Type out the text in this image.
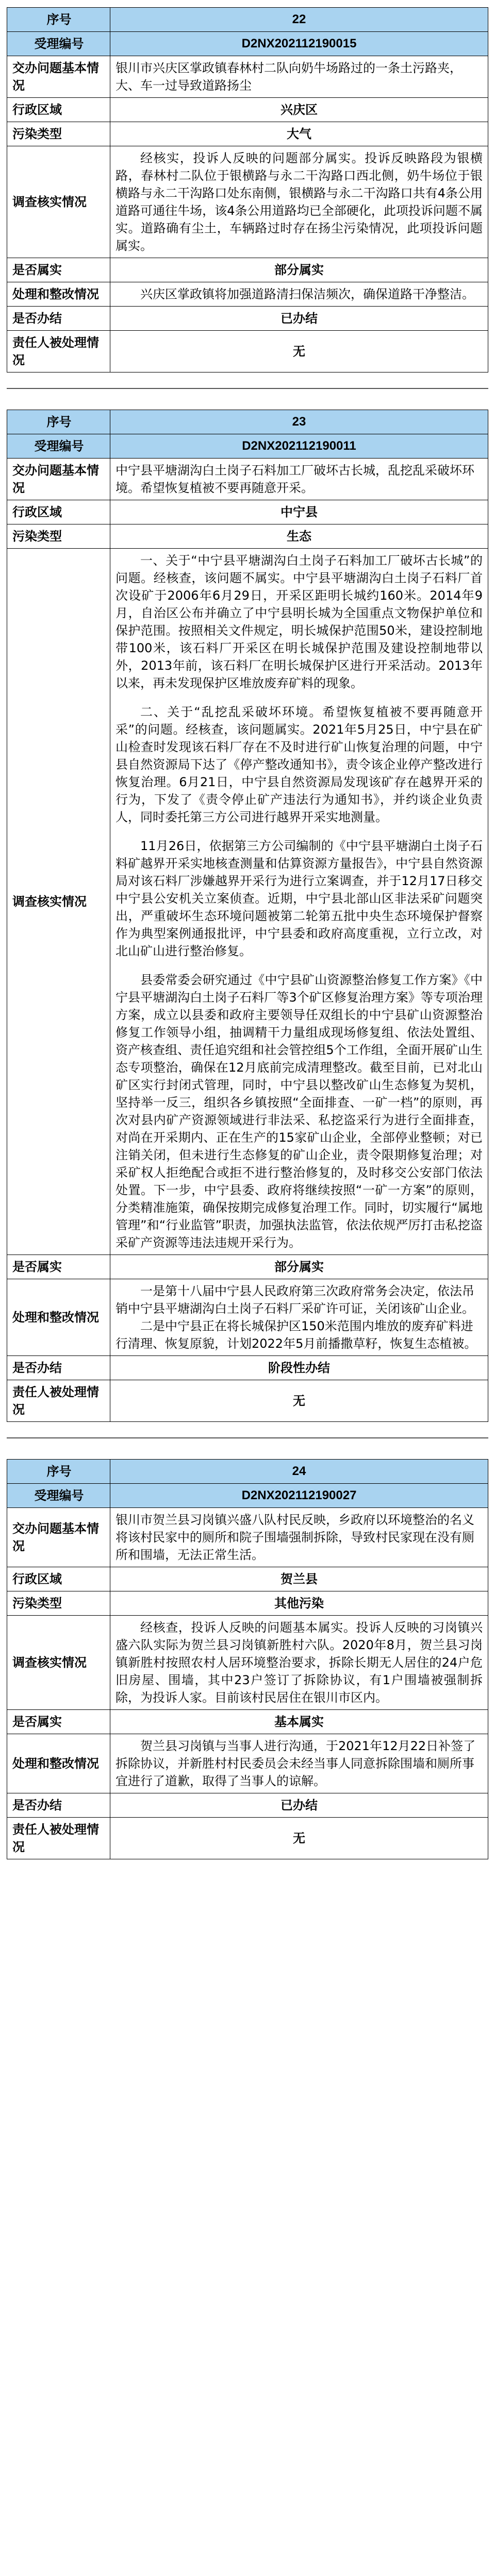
序号	22
受理编号	D2NX202112190015
交办问题基本情况	银川市兴庆区掌政镇春林村二队向奶牛场路过的一条土污路夹，大、车一过导致道路扬尘
行政区域	兴庆区
污染类型	大气
调查核实情况	经核实，投诉人反映的问题部分属实。投诉反映路段为银横路，春林村二队位于银横路与永二干沟路口西北侧，奶牛场位于银横路与永二干沟路口处东南侧，银横路与永二干沟路口共有4条公用道路可通往牛场，该4条公用道路均已全部硬化，此项投诉问题不属实。道路确有尘土，车辆路过时存在扬尘污染情况，此项投诉问题属实。

是否属实	部分属实
处理和整改情况	兴庆区掌政镇将加强道路清扫保洁频次，确保道路干净整洁。
是否办结	已办结
责任人被处理情况	无
序号	23
受理编号	D2NX202112190011
交办问题基本情况	中宁县平塘湖沟白土岗子石料加工厂破坏古长城，乱挖乱采破坏环境。希望恢复植被不要再随意开采。
行政区域	中宁县
污染类型	生态
调查核实情况	一、关于“中宁县平塘湖沟白土岗子石料加工厂破坏古长城”的问题。经核查，该问题不属实。中宁县平塘湖沟白土岗子石料厂首次设矿于2006年6月29日，开采区距明长城约160米。2014年9月，自治区公布并确立了中宁县明长城为全国重点文物保护单位和保护范围。按照相关文件规定，明长城保护范围50米，建设控制地带100米，该石料厂开采区在明长城保护范围及建设控制地带以外，2013年前，该石料厂在明长城保护区进行开采活动。2013年以来，再未发现保护区堆放废弃矿料的现象。
二、关于“乱挖乱采破坏环境。希望恢复植被不要再随意开采”的问题。经核查，该问题属实。2021年5月25日，中宁县在矿山检查时发现该石料厂存在不及时进行矿山恢复治理的问题，中宁县自然资源局下达了《停产整改通知书》，责令该企业停产整改进行恢复治理。6月21日，中宁县自然资源局发现该矿存在越界开采的行为，下发了《责令停止矿产违法行为通知书》，并约谈企业负责人，同时委托第三方公司进行越界开采实地测量。
11月26日，依据第三方公司编制的《中宁县平塘湖白土岗子石料矿越界开采实地核查测量和估算资源方量报告》，中宁县自然资源局对该石料厂涉嫌越界开采行为进行立案调查，并于12月17日移交中宁县公安机关立案侦查。近期，中宁县北部山区非法采矿问题突出，严重破坏生态环境问题被第二轮第五批中央生态环境保护督察作为典型案例通报批评，中宁县委和政府高度重视，立行立改，对北山矿山进行整治修复。
县委常委会研究通过《中宁县矿山资源整治修复工作方案》《中宁县平塘湖沟白土岗子石料厂等3个矿区修复治理方案》等专项治理方案，成立以县委和政府主要领导任双组长的中宁县矿山资源整治修复工作领导小组，抽调精干力量组成现场修复组、依法处置组、资产核查组、责任追究组和社会管控组5个工作组，全面开展矿山生态专项整治，确保在12月底前完成清理整改。截至目前，已对北山矿区实行封闭式管理，同时，中宁县以整改矿山生态修复为契机，坚持举一反三，组织各乡镇按照“全面排查、一矿一档”的原则，再次对县内矿产资源领域进行非法采、私挖盗采行为进行全面排查，对尚在开采期内、正在生产的15家矿山企业，全部停业整顿；对已注销关闭，但未进行生态修复的矿山企业，责令限期修复治理；对采矿权人拒绝配合或拒不进行整治修复的，及时移交公安部门依法处置。下一步，中宁县委、政府将继续按照“一矿一方案”的原则，分类精准施策，确保按期完成修复治理工作。同时，切实履行“属地管理”和“行业监管”职责，加强执法监管，依法依规严厉打击私挖盗采矿产资源等违法违规开采行为。

是否属实	部分属实
处理和整改情况	一是第十八届中宁县人民政府第三次政府常务会决定，依法吊销中宁县平塘湖沟白土岗子石料厂采矿许可证，关闭该矿山企业。
二是中宁县正在将长城保护区150米范围内堆放的废弃矿料进行清理、恢复原貌，计划2022年5月前播撒草籽，恢复生态植被。

是否办结	阶段性办结
责任人被处理情况	无
序号	24
受理编号	D2NX202112190027
交办问题基本情况	银川市贺兰县习岗镇兴盛八队村民反映，乡政府以环境整治的名义将该村民家中的厕所和院子围墙强制拆除，导致村民家现在没有厕所和围墙，无法正常生活。
行政区域	贺兰县
污染类型	其他污染
调查核实情况	经核查，投诉人反映的问题基本属实。投诉人反映的习岗镇兴盛六队实际为贺兰县习岗镇新胜村六队。2020年8月，贺兰县习岗镇新胜村按照农村人居环境整治要求，拆除长期无人居住的24户危旧房屋、围墙，其中23户签订了拆除协议，有1户围墙被强制拆除，为投诉人家。目前该村民居住在银川市区内。

是否属实	基本属实
处理和整改情况	贺兰县习岗镇与当事人进行沟通，于2021年12月22日补签了拆除协议，并新胜村村民委员会未经当事人同意拆除围墙和厕所事宜进行了道歉，取得了当事人的谅解。
是否办结	已办结
责任人被处理情况	无
